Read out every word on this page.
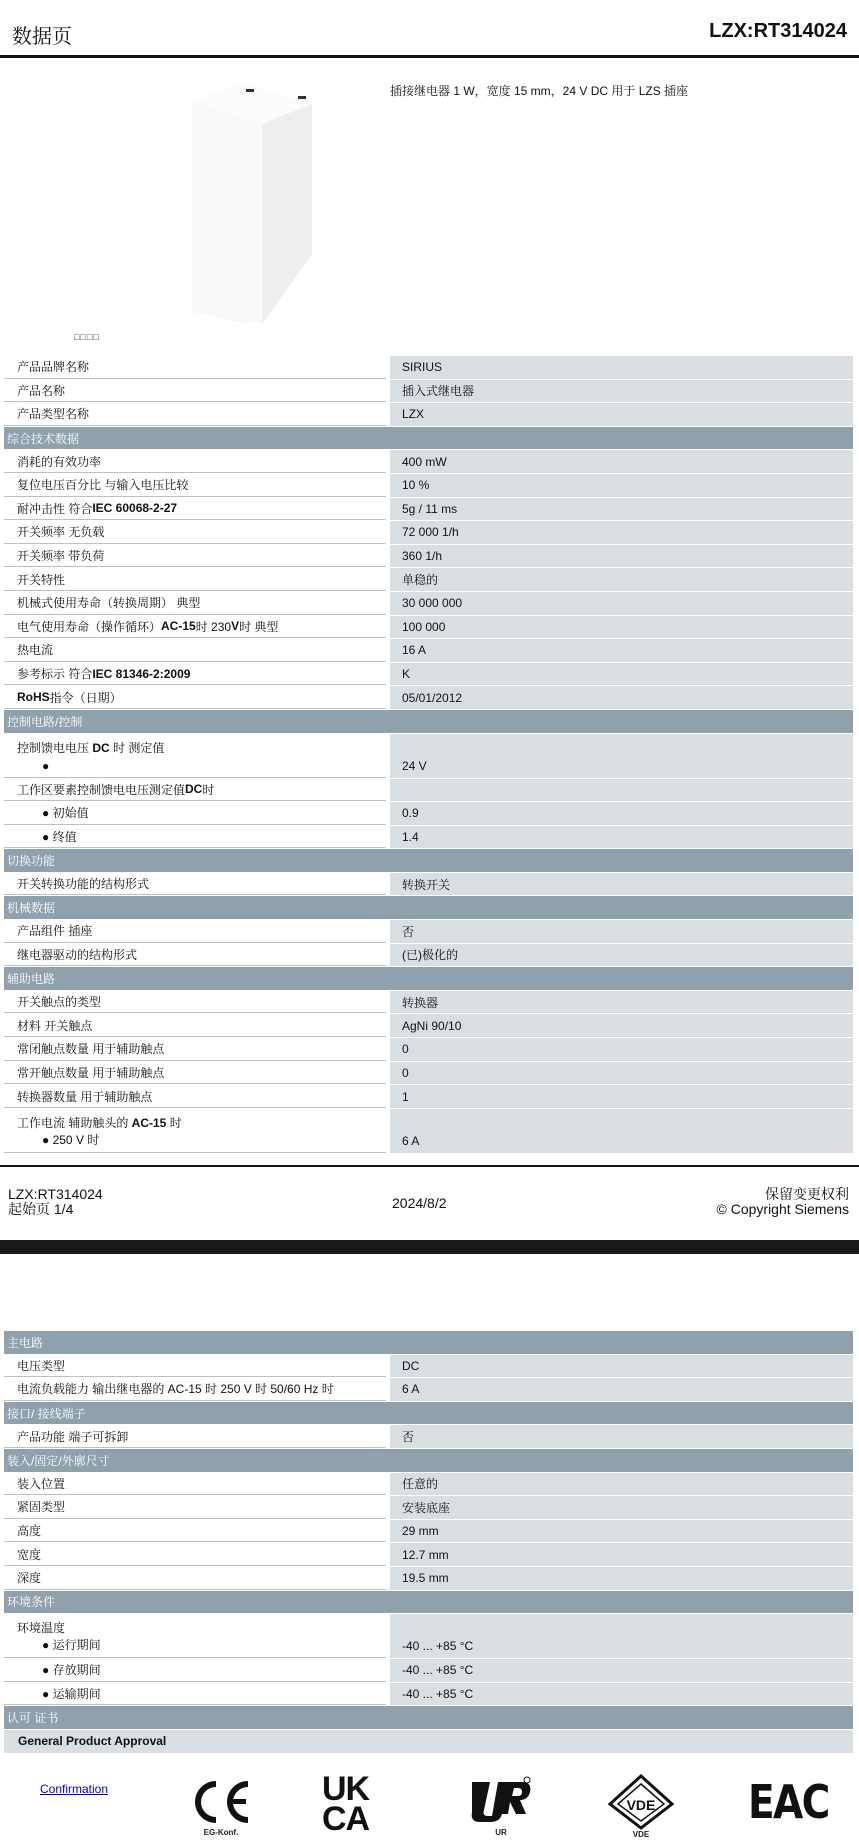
数据页	LZX:RT314024
□□□□
插接继电器 1 W，宽度 15 mm，24 V DC 用于 LZS 插座
产品品牌名称	SIRIUS
产品名称	插入式继电器
产品类型名称	LZX
综合技术数据
消耗的有效功率	400 mW
复位电压百分比 与输入电压比较	10 %
耐冲击性 符合 IEC 60068-2-27	5g / 11 ms
开关频率 无负载	72 000 1/h
开关频率 带负荷	360 1/h
开关特性	单稳的
机械式使用寿命（转换周期） 典型	30 000 000
电气使用寿命（操作循环） AC-15 时 230 V 时 典型	100 000
热电流	16 A
参考标示 符合 IEC 81346-2:2009	K
RoHS 指令（日期）	05/01/2012
控制电路/控制
控制馈电电压 DC 时 测定值
●	24 V
工作区要素控制馈电电压测定值 DC 时
● 初始值	0.9
● 终值	1.4
切换功能
开关转换功能的结构形式	转换开关
机械数据
产品组件 插座	否
继电器驱动的结构形式	(已)极化的
辅助电路
开关触点的类型	转换器
材料 开关触点	AgNi 90/10
常闭触点数量 用于辅助触点	0
常开触点数量 用于辅助触点	0
转换器数量 用于辅助触点	1
工作电流 辅助触头的 AC-15 时
● 250 V 时	6 A
LZX:RT314024
起始页 1/4	2024/8/2
保留变更权利
© Copyright Siemens
主电路
电压类型	DC
电流负载能力 输出继电器的 AC-15 时 250 V 时 50/60 Hz 时	6 A
接口/ 接线端子
产品功能 端子可拆卸	否
装入/固定/外廓尺寸
装入位置	任意的
紧固类型	安装底座
高度	29 mm
宽度	12.7 mm
深度	19.5 mm
环境条件
环境温度
● 运行期间	-40 ... +85 °C
● 存放期间	-40 ... +85 °C
● 运输期间	-40 ... +85 °C
认可 证书
General Product Approval
Confirmation
EG-Konf.
UK
CA	UR
VDE
VDE
EAC
